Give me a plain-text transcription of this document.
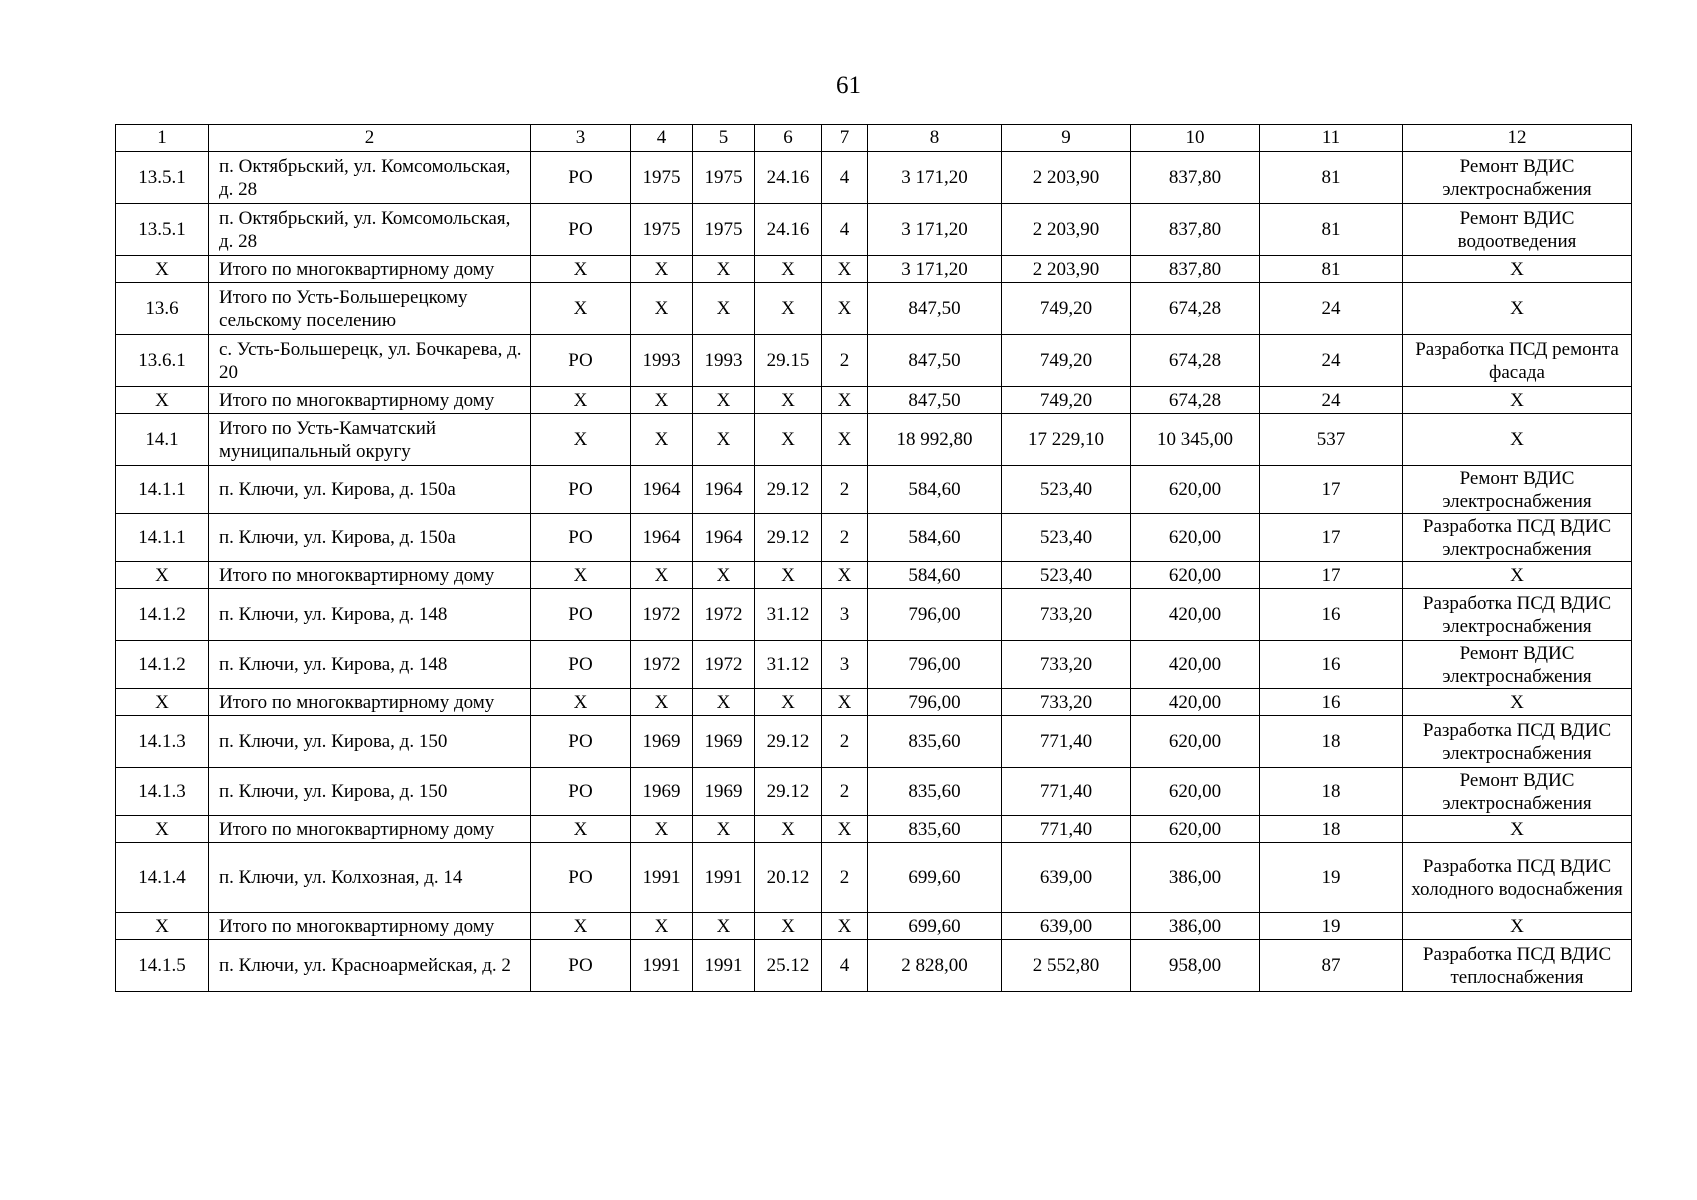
61
1	2	3	4	5	6	7	8	9	10	11	12
13.5.1	п. Октябрьский, ул. Комсомольская, д. 28	РО	1975	1975	24.16	4	3 171,20	2 203,90	837,80	81	Ремонт ВДИС электроснабжения
13.5.1	п. Октябрьский, ул. Комсомольская, д. 28	РО	1975	1975	24.16	4	3 171,20	2 203,90	837,80	81	Ремонт ВДИС водоотведения
Х	Итого по многоквартирному дому	Х	Х	Х	Х	Х	3 171,20	2 203,90	837,80	81	Х
13.6	Итого по Усть-Большерецкому сельскому поселению	Х	Х	Х	Х	Х	847,50	749,20	674,28	24	Х
13.6.1	с. Усть-Большерецк, ул. Бочкарева, д. 20	РО	1993	1993	29.15	2	847,50	749,20	674,28	24	Разработка ПСД ремонта фасада
Х	Итого по многоквартирному дому	Х	Х	Х	Х	Х	847,50	749,20	674,28	24	Х
14.1	Итого по Усть-Камчатский муниципальный округу	Х	Х	Х	Х	Х	18 992,80	17 229,10	10 345,00	537	Х
14.1.1	п. Ключи, ул. Кирова, д. 150а	РО	1964	1964	29.12	2	584,60	523,40	620,00	17	Ремонт ВДИС электроснабжения
14.1.1	п. Ключи, ул. Кирова, д. 150а	РО	1964	1964	29.12	2	584,60	523,40	620,00	17	Разработка ПСД ВДИС электроснабжения
Х	Итого по многоквартирному дому	Х	Х	Х	Х	Х	584,60	523,40	620,00	17	Х
14.1.2	п. Ключи, ул. Кирова, д. 148	РО	1972	1972	31.12	3	796,00	733,20	420,00	16	Разработка ПСД ВДИС электроснабжения
14.1.2	п. Ключи, ул. Кирова, д. 148	РО	1972	1972	31.12	3	796,00	733,20	420,00	16	Ремонт ВДИС электроснабжения
Х	Итого по многоквартирному дому	Х	Х	Х	Х	Х	796,00	733,20	420,00	16	Х
14.1.3	п. Ключи, ул. Кирова, д. 150	РО	1969	1969	29.12	2	835,60	771,40	620,00	18	Разработка ПСД ВДИС электроснабжения
14.1.3	п. Ключи, ул. Кирова, д. 150	РО	1969	1969	29.12	2	835,60	771,40	620,00	18	Ремонт ВДИС электроснабжения
Х	Итого по многоквартирному дому	Х	Х	Х	Х	Х	835,60	771,40	620,00	18	Х
14.1.4	п. Ключи, ул. Колхозная, д. 14	РО	1991	1991	20.12	2	699,60	639,00	386,00	19	Разработка ПСД ВДИС холодного водоснабжения
Х	Итого по многоквартирному дому	Х	Х	Х	Х	Х	699,60	639,00	386,00	19	Х
14.1.5	п. Ключи, ул. Красноармейская, д. 2	РО	1991	1991	25.12	4	2 828,00	2 552,80	958,00	87	Разработка ПСД ВДИС теплоснабжения
